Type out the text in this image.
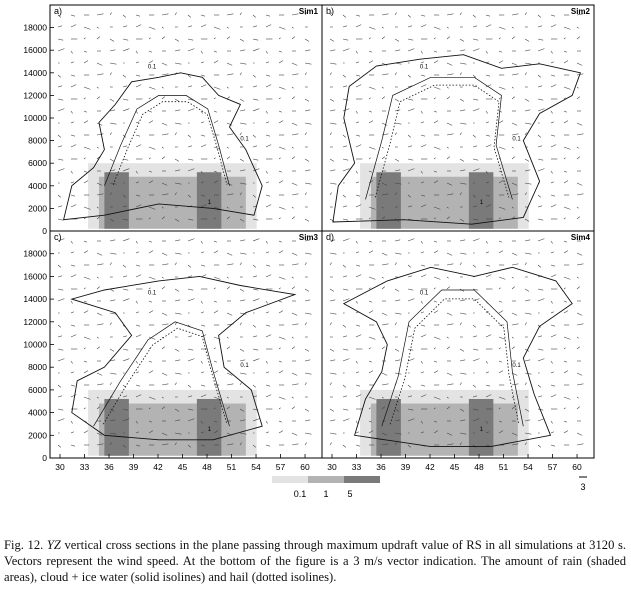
0.1
1
0.1
a)	Sim1
0.1
1
0.1
b)	Sim2
0.1
1
0.1
c)	Sim3
0.1
1
0.1
d)	Sim4
0
2000
4000
6000
8000
10000
12000
14000
16000
18000
0
2000
4000
6000
8000
10000
12000
14000
16000
18000
30 33 36 39 42 45 48 51 54 57 60 30 33 36 39 42 45 48 51 54 57 60
0.1 1 5
3
Fig. 12. YZ vertical cross sections in the plane passing through maximum updraft value of RS in all simulations at 3120 s. Vectors represent the wind speed. At the bottom of the figure is a 3 m/s vector indication. The amount of rain (shaded areas), cloud + ice water (solid isolines) and hail (dotted isolines).
